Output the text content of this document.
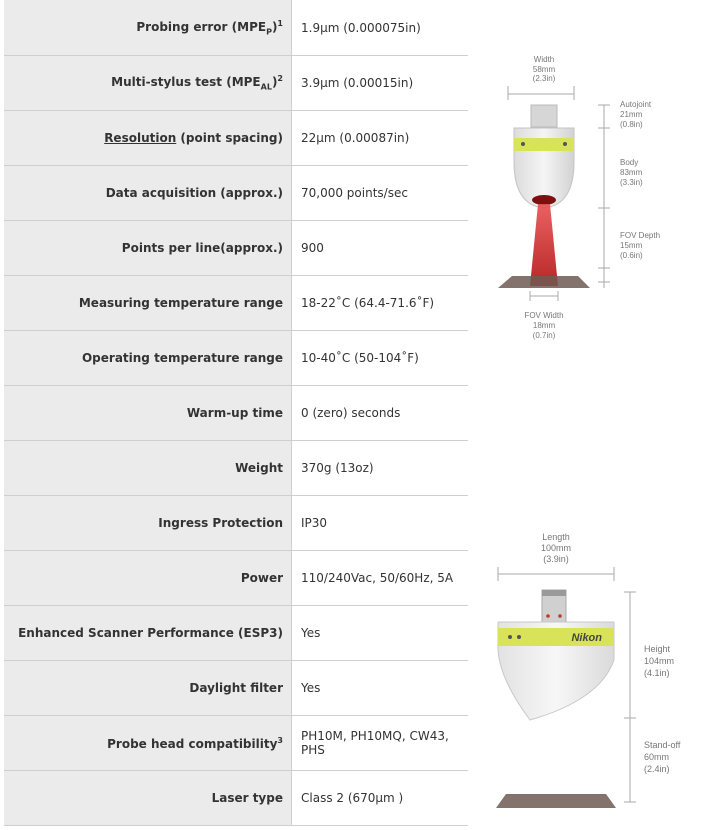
Probing error $(MPE_P)^1$	1.9µm (0.000075in)
Multi-stylus test $(MPE_{AL})^2$	3.9µm (0.00015in)
Resolution (point spacing)	22µm (0.00087in)
Data acquisition (approx.)	70,000 points/sec
Points per line(approx.)	900
Measuring temperature range	18-22˚C (64.4-71.6˚F)
Operating temperature range	10-40˚C (50-104˚F)
Warm-up time	0 (zero) seconds
Weight	370g (13oz)
Ingress Protection	IP30
Power	110/240Vac, 50/60Hz, 5A
Enhanced Scanner Performance (ESP3)	Yes
Daylight filter	Yes
Probe head compatibility$^3$	PH10M, PH10MQ, CW43, PHS
Laser type	Class 2 (670µm )
Width
58mm
(2.3in)
Autojoint
21mm
(0.8in)
Body
83mm
(3.3in)
FOV Depth
15mm
(0.6in)
FOV Width
18mm
(0.7in)
Length
100mm
(3.9in)
Nikon
Height
104mm
(4.1in)
Stand-off
60mm
(2.4in)
